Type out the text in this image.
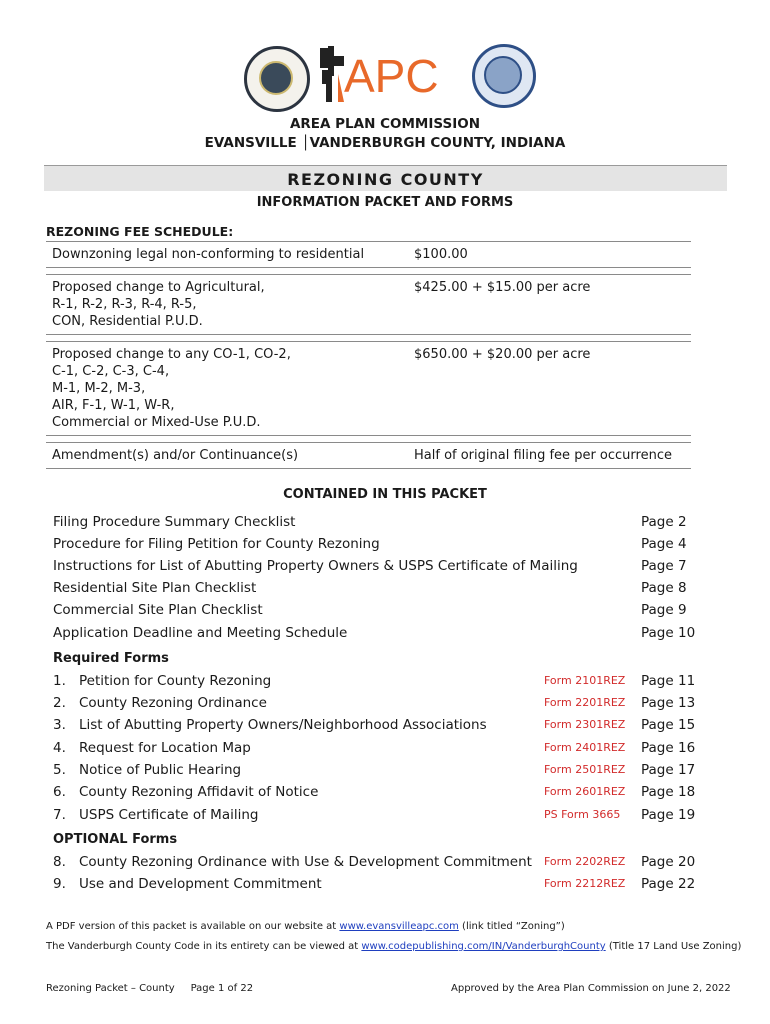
APC
AREA PLAN COMMISSION
EVANSVILLE │VANDERBURGH COUNTY, INDIANA
REZONING COUNTY
INFORMATION PACKET AND FORMS
REZONING FEE SCHEDULE:
Downzoning legal non-conforming to residential	$100.00

Proposed change to Agricultural,
R-1, R-2, R-3, R-4, R-5,
CON, Residential P.U.D.	$425.00 + $15.00 per acre

Proposed change to any CO-1, CO-2,
C-1, C-2, C-3, C-4,
M-1, M-2, M-3,
AIR, F-1, W-1, W-R,
Commercial or Mixed-Use P.U.D.	$650.00 + $20.00 per acre

Amendment(s) and/or Continuance(s)	Half of original filing fee per occurrence
CONTAINED IN THIS PACKET
Filing Procedure Summary Checklist	Page 2
Procedure for Filing Petition for County Rezoning	Page 4
Instructions for List of Abutting Property Owners & USPS Certificate of Mailing	Page 7
Residential Site Plan Checklist	Page 8
Commercial Site Plan Checklist	Page 9
Application Deadline and Meeting Schedule	Page 10
Required Forms
1. Petition for County Rezoning	Form 2101REZ Page 11
2. County Rezoning Ordinance	Form 2201REZ Page 13
3. List of Abutting Property Owners/Neighborhood Associations	Form 2301REZ Page 15
4. Request for Location Map	Form 2401REZ Page 16
5. Notice of Public Hearing	Form 2501REZ Page 17
6. County Rezoning Affidavit of Notice	Form 2601REZ Page 18
7. USPS Certificate of Mailing	PS Form 3665 Page 19
OPTIONAL Forms
8. County Rezoning Ordinance with Use & Development Commitment Form 2202REZ Page 20
9. Use and Development Commitment	Form 2212REZ Page 22
A PDF version of this packet is available on our website at www.evansvilleapc.com (link titled “Zoning”)
The Vanderburgh County Code in its entirety can be viewed at www.codepublishing.com/IN/VanderburghCounty (Title 17 Land Use Zoning)
Rezoning Packet – County     Page 1 of 22	Approved by the Area Plan Commission on June 2, 2022
